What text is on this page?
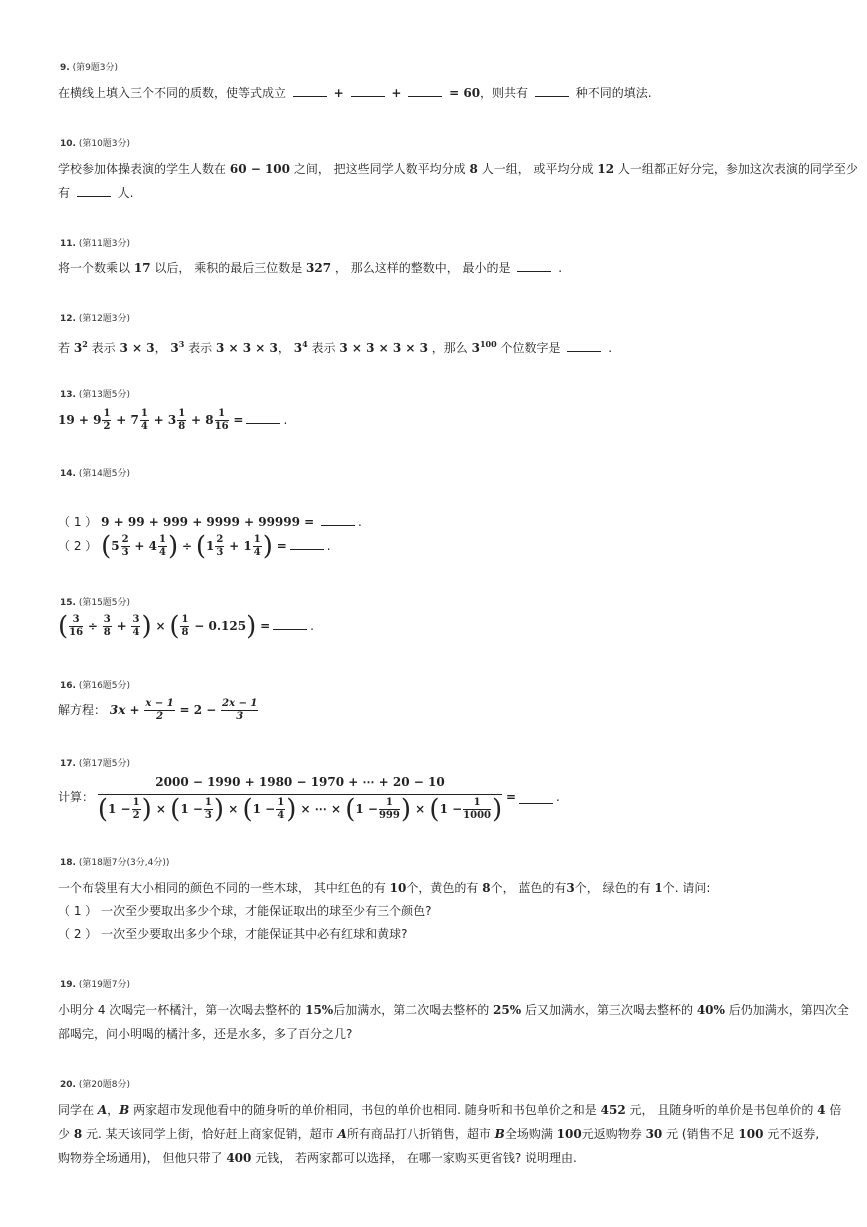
9. (第9题3分)
在横线上填入三个不同的质数，使等式成立	+	+	= 60，则共有	种不同的填法.
10. (第10题3分)
学校参加体操表演的学生人数在 60 − 100 之间， 把这些同学人数平均分成 8 人一组， 或平均分成 12 人一组都正好分完，参加这次表演的同学至少
有	人.
11. (第11题3分)
将一个数乘以 17 以后， 乘积的最后三位数是 327 ， 那么这样的整数中， 最小的是	.
12. (第12题3分)
若 $3^2$ 表示 3 × 3， $3^3$ 表示 3 × 3 × 3， $3^4$ 表示 3 × 3 × 3 × 3 ，那么 $3^{100}$ 个位数字是	.
13. (第13题5分)
$19 + 9 \frac{1}{2} + 7 \frac{1}{4} + 3 \frac{1}{8} + 8 \frac{1}{16}$ =	.
14. (第14题5分)
（ 1 ） 9 + 99 + 999 + 9999 + 99999 =	.
（ 2 ） ($5 \frac{2}{3} + 4 \frac{1}{4}$ ) ÷ ($1 \frac{2}{3} + 1 \frac{1}{4}$ ) =	.
15. (第15题5分)
( $\frac{3}{16} \div \frac{3}{8} + \frac{3}{4}$ ) × ( $\frac{1}{8} - 0.125$) =	.
16. (第16题5分)
解方程： $3x + \frac{x - 1}{2} = 2 - \frac{2x - 1}{3}$
17. (第17题5分)
计算：
2000 − 1990 + 1980 − 1970 + ⋯ + 20 − 10
($1 - \frac{1}{2}$ ) × ($1 - \frac{1}{3}$ ) × ($1 - \frac{1}{4}$ ) × ⋯ × ($1 - \frac{1}{999}$ ) × ($1 - \frac{1}{1000}$ ) =	.
18. (第18题7分(3分,4分))
一个布袋里有大小相同的颜色不同的一些木球， 其中红色的有 10个，黄色的有 8个， 蓝色的有3个， 绿色的有 1个. 请问:
（ 1 ） 一次至少要取出多少个球，才能保证取出的球至少有三个颜色?
（ 2 ） 一次至少要取出多少个球，才能保证其中必有红球和黄球?
19. (第19题7分)
小明分 4 次喝完一杯橘汁，第一次喝去整杯的 15%后加满水，第二次喝去整杯的 25% 后又加满水，第三次喝去整杯的 40% 后仍加满水，第四次全
部喝完，问小明喝的橘汁多，还是水多，多了百分之几?
20. (第20题8分)
同学在 A，B 两家超市发现他看中的随身听的单价相同，书包的单价也相同. 随身听和书包单价之和是 452 元， 且随身听的单价是书包单价的 4 倍
少 8 元. 某天该同学上街，恰好赶上商家促销，超市 A所有商品打八折销售，超市 B全场购满 100元返购物券 30 元 (销售不足 100 元不返券,
购物券全场通用)， 但他只带了 400 元钱， 若两家都可以选择， 在哪一家购买更省钱? 说明理由.
